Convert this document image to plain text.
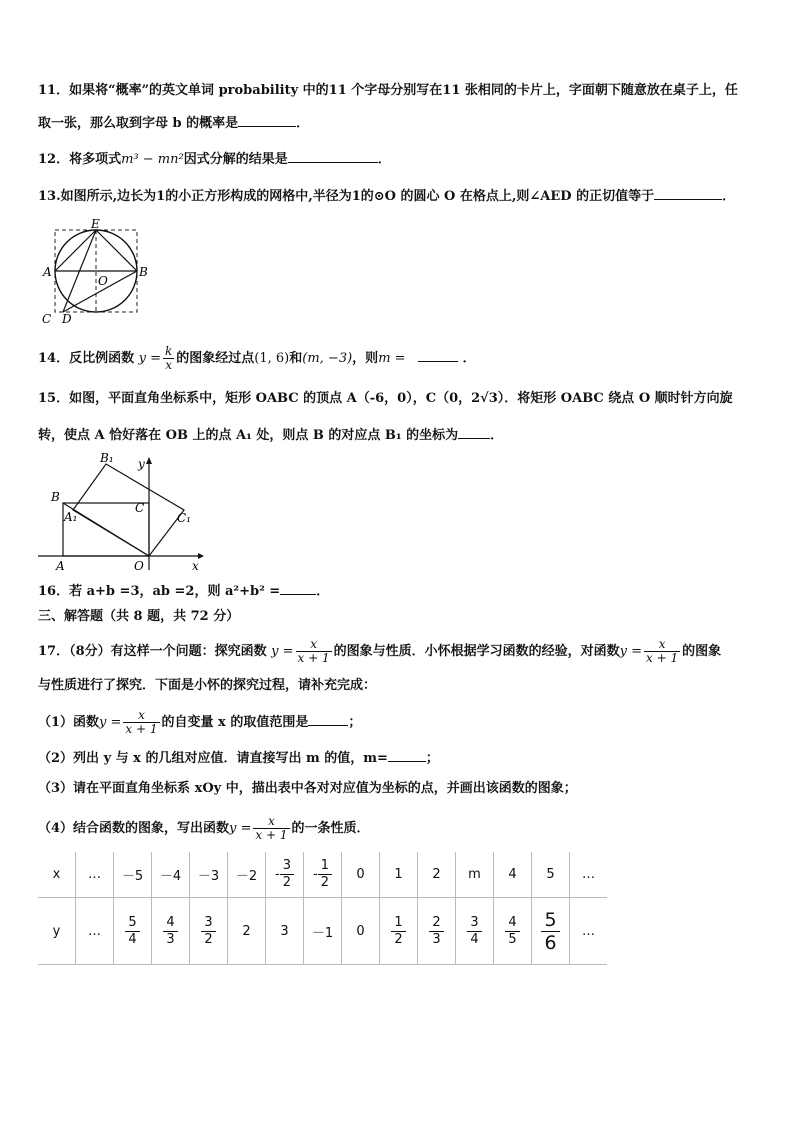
11．如果将“概率”的英文单词 probability 中的11 个字母分别写在11 张相同的卡片上，字面朝下随意放在桌子上，任
取一张，那么取到字母 b 的概率是	．
12．将多项式m³ − mn²因式分解的结果是	．
13.如图所示,边长为1的小正方形构成的网格中,半径为1的⊙O 的圆心 O 在格点上,则∠AED 的正切值等于	．
E
A	B
O
C D
14．反比例函数 $y = \frac{k}{x}$ 的图象经过点(1, 6)和(m, −3)，则m =	．
15．如图，平面直角坐标系中，矩形 OABC 的顶点 A（-6，0），C（0，2√3）．将矩形 OABC 绕点 O 顺时针方向旋
转，使点 A 恰好落在 OB 上的点 A₁ 处，则点 B 的对应点 B₁ 的坐标为 ．
B₁ y
B
C
A₁	C₁
A	O	x
16．若 a+b =3，ab =2，则 a²+b² =	．
三、解答题（共 8 题，共 72 分）
17．（8分）有这样一个问题：探究函数 $y = \frac{x}{x + 1}$ 的图象与性质．小怀根据学习函数的经验，对函数$y = \frac{x}{x + 1}$ 的图象
与性质进行了探究．下面是小怀的探究过程，请补充完成：
（1）函数$y = \frac{x}{x + 1}$ 的自变量 x 的取值范围是	；
（2）列出 y 与 x 的几组对应值．请直接写出 m 的值，m=	；
（3）请在平面直角坐标系 xOy 中，描出表中各对对应值为坐标的点，并画出该函数的图象；
（4）结合函数的图象，写出函数$y = \frac{x}{x + 1}$ 的一条性质．
x	…	－5	－4	－3	－2	- $\frac{3}{2}$	- $\frac{1}{2}$	0	1	2	m	4	5	…
y	…	$\frac{5}{4}$	$\frac{4}{3}$	$\frac{3}{2}$	2	3	－1	0	$\frac{1}{2}$	$\frac{2}{3}$	$\frac{3}{4}$	$\frac{4}{5}$	$\frac{5}{6}$	…
